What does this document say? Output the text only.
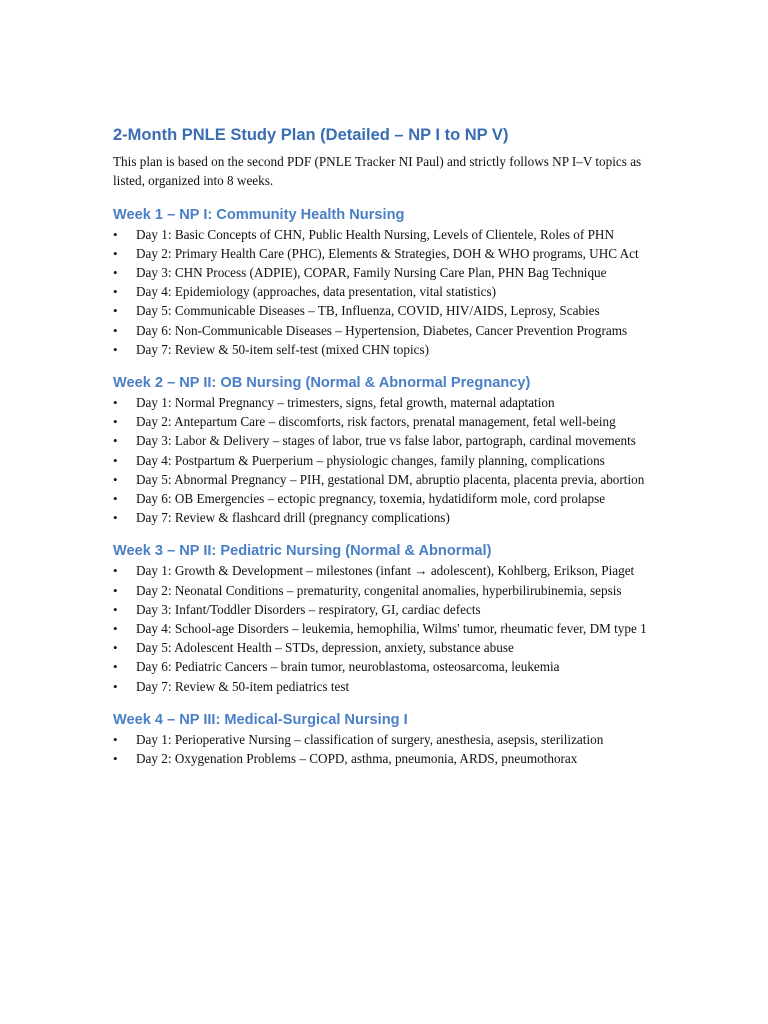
2-Month PNLE Study Plan (Detailed – NP I to NP V)

This plan is based on the second PDF (PNLE Tracker NI Paul) and strictly follows NP I–V topics as listed, organized into 8 weeks.

Week 1 – NP I: Community Health Nursing
• Day 1: Basic Concepts of CHN, Public Health Nursing, Levels of Clientele, Roles of PHN
• Day 2: Primary Health Care (PHC), Elements & Strategies, DOH & WHO programs, UHC Act
• Day 3: CHN Process (ADPIE), COPAR, Family Nursing Care Plan, PHN Bag Technique
• Day 4: Epidemiology (approaches, data presentation, vital statistics)
• Day 5: Communicable Diseases – TB, Influenza, COVID, HIV/AIDS, Leprosy, Scabies
• Day 6: Non-Communicable Diseases – Hypertension, Diabetes, Cancer Prevention Programs
• Day 7: Review & 50-item self-test (mixed CHN topics)
Week 2 – NP II: OB Nursing (Normal & Abnormal Pregnancy)
• Day 1: Normal Pregnancy – trimesters, signs, fetal growth, maternal adaptation
• Day 2: Antepartum Care – discomforts, risk factors, prenatal management, fetal well-being
• Day 3: Labor & Delivery – stages of labor, true vs false labor, partograph, cardinal movements
• Day 4: Postpartum & Puerperium – physiologic changes, family planning, complications
• Day 5: Abnormal Pregnancy – PIH, gestational DM, abruptio placenta, placenta previa, abortion
• Day 6: OB Emergencies – ectopic pregnancy, toxemia, hydatidiform mole, cord prolapse
• Day 7: Review & flashcard drill (pregnancy complications)
Week 3 – NP II: Pediatric Nursing (Normal & Abnormal)
• Day 1: Growth & Development – milestones (infant → adolescent), Kohlberg, Erikson, Piaget
• Day 2: Neonatal Conditions – prematurity, congenital anomalies, hyperbilirubinemia, sepsis
• Day 3: Infant/Toddler Disorders – respiratory, GI, cardiac defects
• Day 4: School-age Disorders – leukemia, hemophilia, Wilms' tumor, rheumatic fever, DM type 1
• Day 5: Adolescent Health – STDs, depression, anxiety, substance abuse
• Day 6: Pediatric Cancers – brain tumor, neuroblastoma, osteosarcoma, leukemia
• Day 7: Review & 50-item pediatrics test
Week 4 – NP III: Medical-Surgical Nursing I
• Day 1: Perioperative Nursing – classification of surgery, anesthesia, asepsis, sterilization
• Day 2: Oxygenation Problems – COPD, asthma, pneumonia, ARDS, pneumothorax
